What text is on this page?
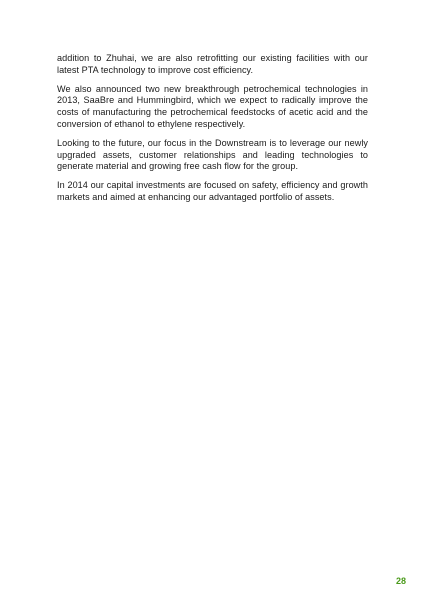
addition to Zhuhai, we are also retrofitting our existing facilities with our latest PTA technology to improve cost efficiency.

We also announced two new breakthrough petrochemical technologies in 2013, SaaBre and Hummingbird, which we expect to radically improve the costs of manufacturing the petrochemical feedstocks of acetic acid and the conversion of ethanol to ethylene respectively.

Looking to the future, our focus in the Downstream is to leverage our newly upgraded assets, customer relationships and leading technologies to generate material and growing free cash flow for the group.

In 2014 our capital investments are focused on safety, efficiency and growth markets and aimed at enhancing our advantaged portfolio of assets.

28
